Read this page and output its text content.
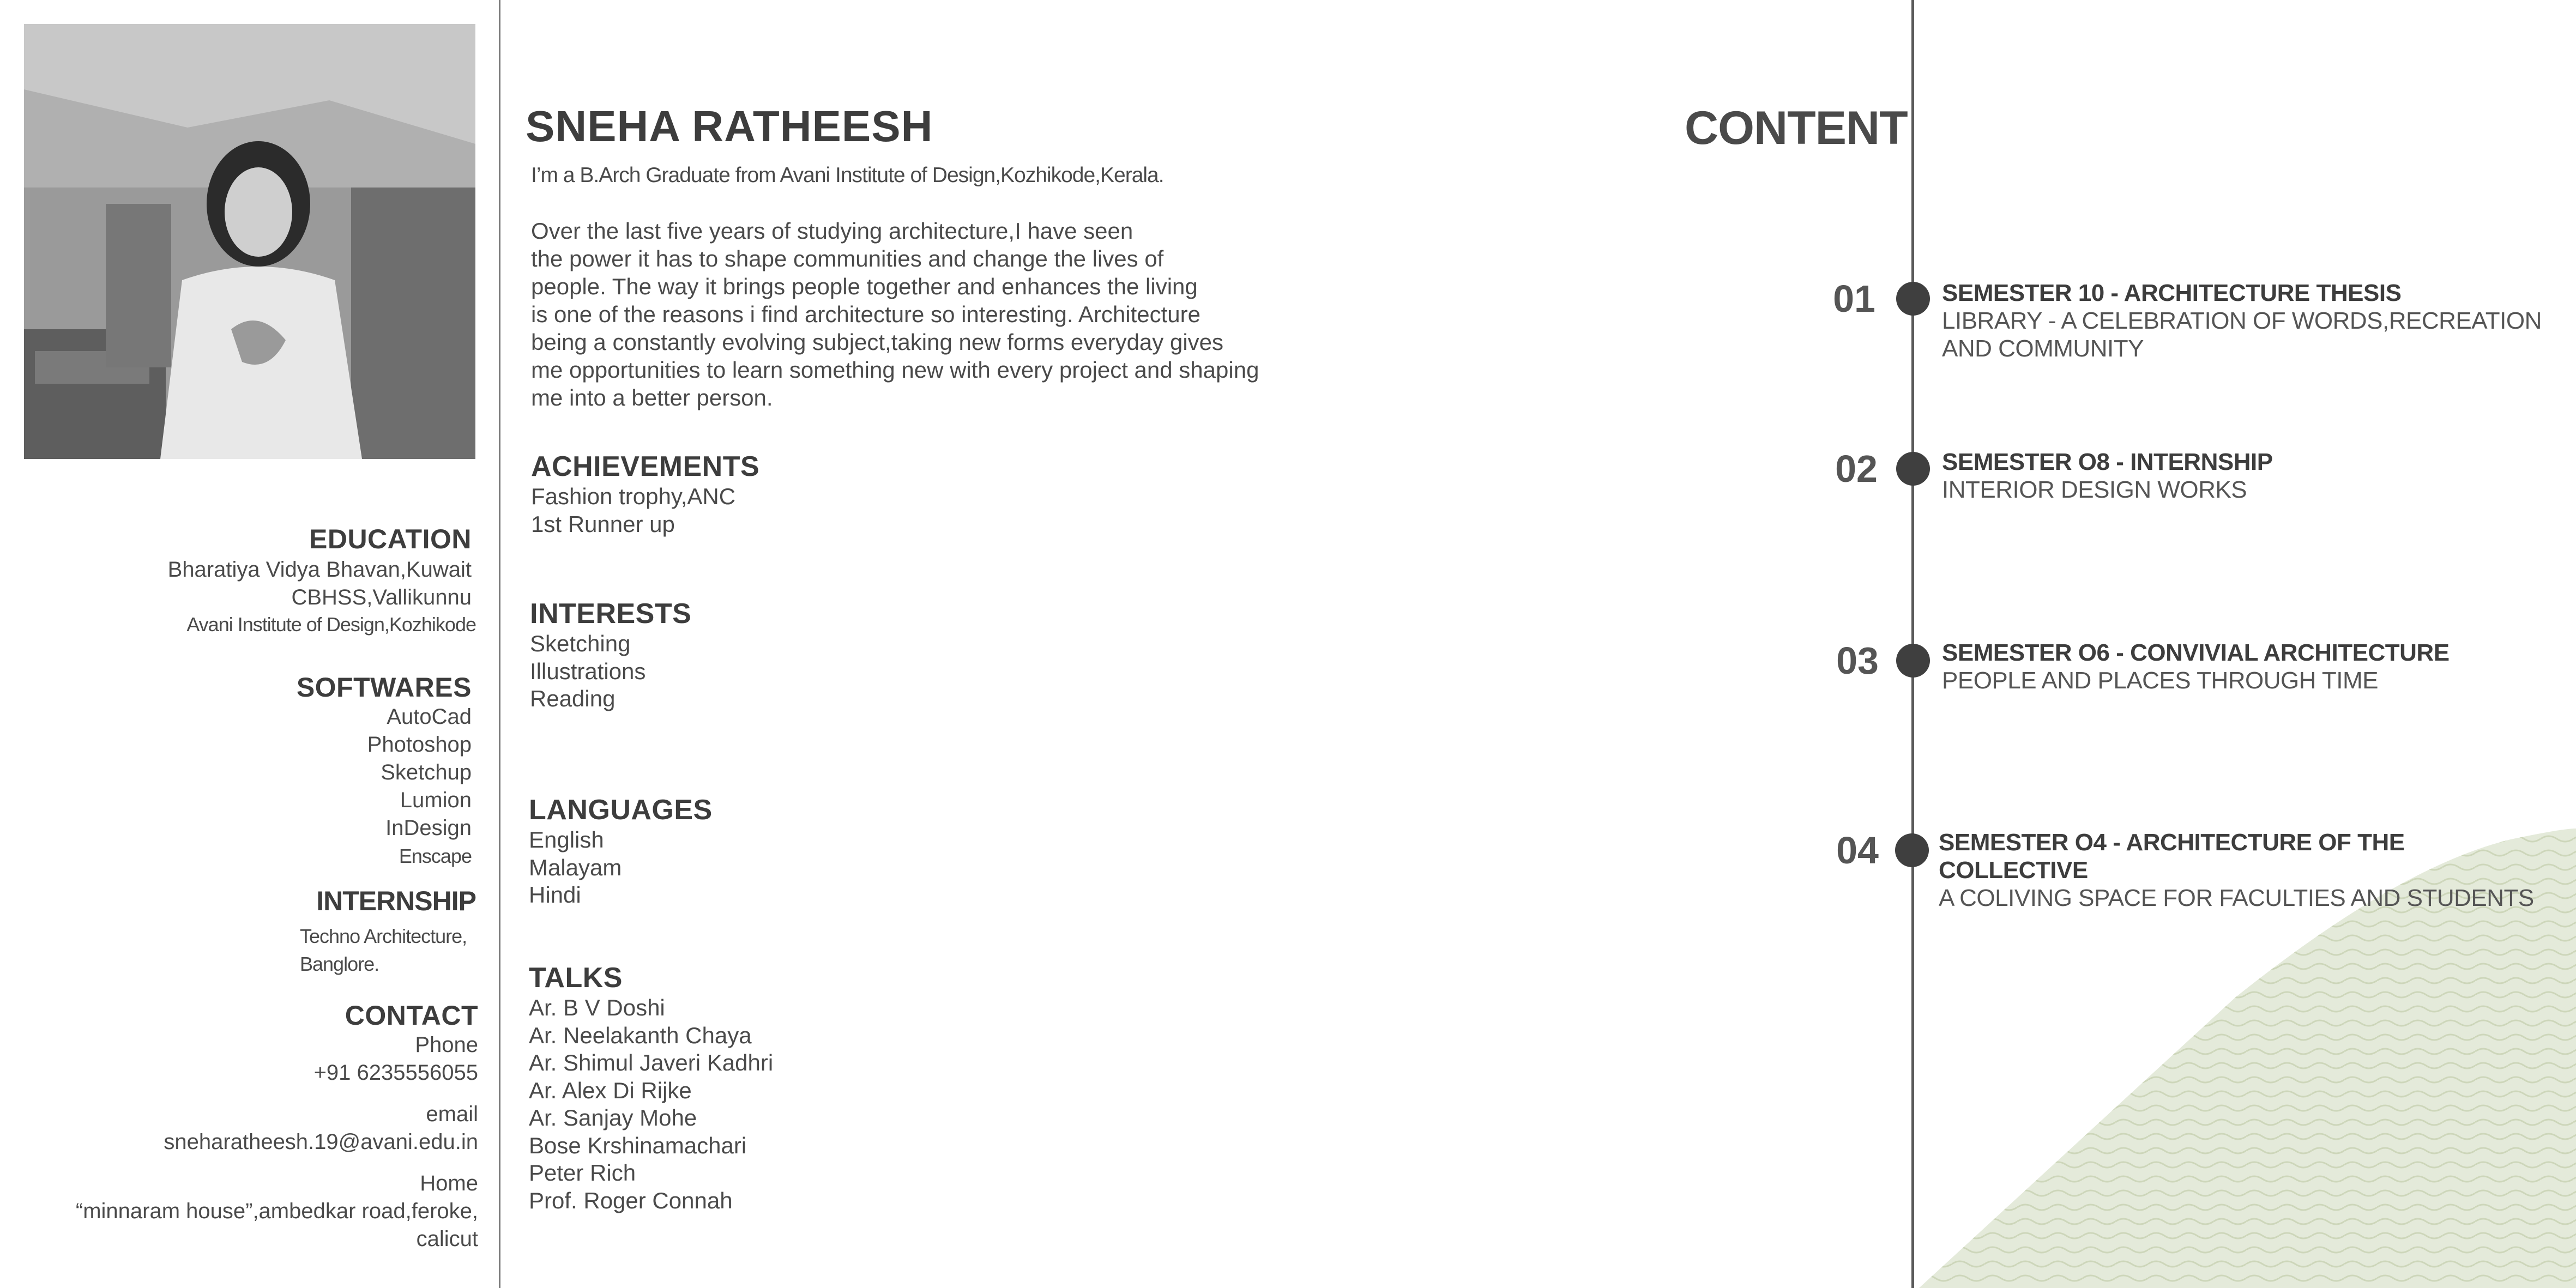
EDUCATION
Bharatiya Vidya Bhavan,Kuwait
CBHSS,Vallikunnu
Avani Institute of Design,Kozhikode
SOFTWARES
AutoCad
Photoshop
Sketchup
Lumion
InDesign
Enscape
INTERNSHIP
Techno Architecture,
Banglore.
CONTACT
Phone
+91 6235556055
email
sneharatheesh.19@avani.edu.in
Home
“minnaram house”,ambedkar road,feroke,
calicut
SNEHA RATHEESH
I’m a B.Arch Graduate from Avani Institute of Design,Kozhikode,Kerala.
Over the last five years of studying architecture,I have seen
the power it has to shape communities and change the lives of
people. The way it brings people together and enhances the living
is one of the reasons i find architecture so interesting. Architecture
being a constantly evolving subject,taking new forms everyday gives
me opportunities to learn something new with every project and shaping
me into a better person.
ACHIEVEMENTS
Fashion trophy,ANC
1st Runner up
INTERESTS
Sketching
Illustrations
Reading
LANGUAGES
English
Malayam
Hindi
TALKS
Ar. B V Doshi
Ar. Neelakanth Chaya
Ar. Shimul Javeri Kadhri
Ar. Alex Di Rijke
Ar. Sanjay Mohe
Bose Krshinamachari
Peter Rich
Prof. Roger Connah
CONTENT
01	SEMESTER 10 - ARCHITECTURE THESIS
LIBRARY - A CELEBRATION OF WORDS,RECREATION AND COMMUNITY
02	SEMESTER O8 - INTERNSHIP
INTERIOR DESIGN WORKS
03	SEMESTER O6 - CONVIVIAL ARCHITECTURE
PEOPLE AND PLACES THROUGH TIME
04	SEMESTER O4 - ARCHITECTURE OF THE COLLECTIVE
A COLIVING SPACE FOR FACULTIES AND STUDENTS
